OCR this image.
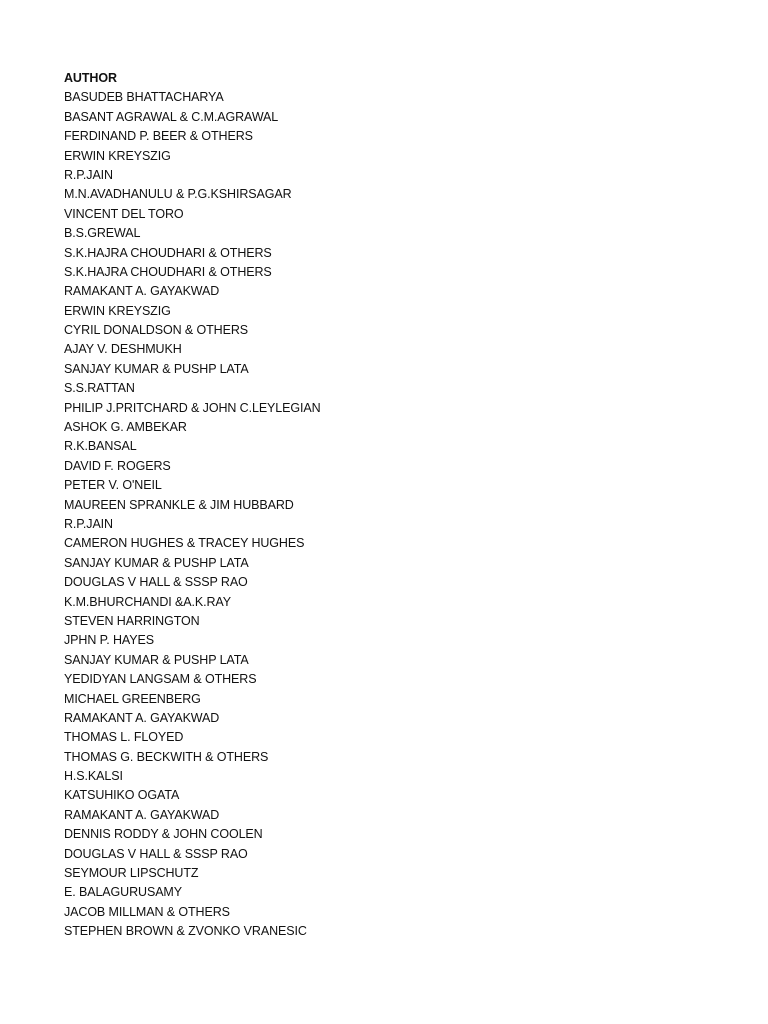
AUTHOR
BASUDEB BHATTACHARYA
BASANT AGRAWAL & C.M.AGRAWAL
FERDINAND P. BEER & OTHERS
ERWIN KREYSZIG
R.P.JAIN
M.N.AVADHANULU & P.G.KSHIRSAGAR
VINCENT DEL TORO
B.S.GREWAL
S.K.HAJRA CHOUDHARI & OTHERS
S.K.HAJRA CHOUDHARI & OTHERS
RAMAKANT A. GAYAKWAD
ERWIN KREYSZIG
CYRIL DONALDSON & OTHERS
AJAY V. DESHMUKH
SANJAY KUMAR & PUSHP LATA
S.S.RATTAN
PHILIP J.PRITCHARD & JOHN C.LEYLEGIAN
ASHOK G. AMBEKAR
R.K.BANSAL
DAVID F. ROGERS
PETER V. O'NEIL
MAUREEN SPRANKLE & JIM HUBBARD
R.P.JAIN
CAMERON HUGHES & TRACEY HUGHES
SANJAY KUMAR & PUSHP LATA
DOUGLAS V HALL & SSSP RAO
K.M.BHURCHANDI &A.K.RAY
STEVEN HARRINGTON
JPHN P. HAYES
SANJAY KUMAR & PUSHP LATA
YEDIDYAN LANGSAM & OTHERS
MICHAEL GREENBERG
RAMAKANT A. GAYAKWAD
THOMAS L. FLOYED
THOMAS G. BECKWITH & OTHERS
H.S.KALSI
KATSUHIKO OGATA
RAMAKANT A. GAYAKWAD
DENNIS RODDY & JOHN COOLEN
DOUGLAS V HALL & SSSP RAO
SEYMOUR LIPSCHUTZ
E. BALAGURUSAMY
JACOB MILLMAN & OTHERS
STEPHEN BROWN & ZVONKO VRANESIC
